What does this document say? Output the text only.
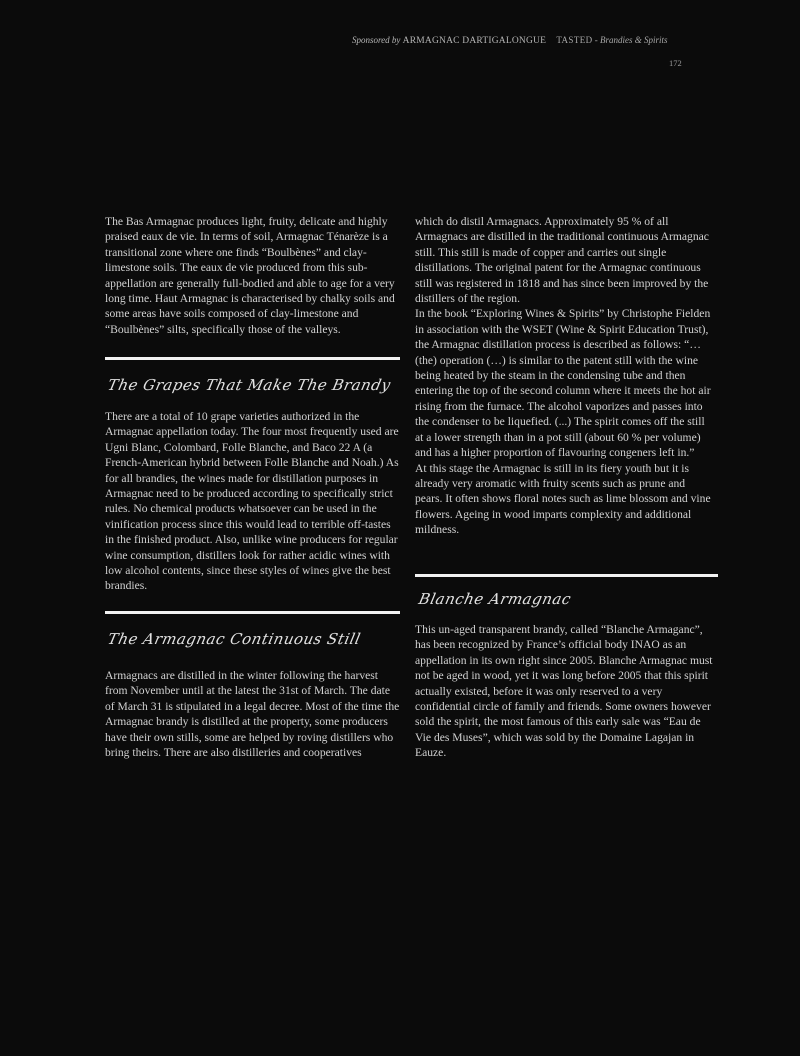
Sponsored by ARMAGNAC DARTIGALONGUE TASTED - Brandies & Spirits
172

The Bas Armagnac produces light, fruity, delicate and highly praised eaux de vie. In terms of soil, Armagnac Ténarèze is a transitional zone where one finds “Boulbènes” and clay-limestone soils. The eaux de vie produced from this sub-appellation are generally full-bodied and able to age for a very long time. Haut Armagnac is characterised by chalky soils and some areas have soils composed of clay-limestone and “Boulbènes” silts, specifically those of the valleys.

The Grapes That Make The Brandy

There are a total of 10 grape varieties authorized in the Armagnac appellation today. The four most frequently used are Ugni Blanc, Colombard, Folle Blanche, and Baco 22 A (a French-American hybrid between Folle Blanche and Noah.) As for all brandies, the wines made for distillation purposes in Armagnac need to be produced according to specifically strict rules. No chemical products whatsoever can be used in the vinification process since this would lead to terrible off-tastes in the finished product. Also, unlike wine producers for regular wine consumption, distillers look for rather acidic wines with low alcohol contents, since these styles of wines give the best brandies.

The Armagnac Continuous Still

Armagnacs are distilled in the winter following the harvest from November until at the latest the 31st of March. The date of March 31 is stipulated in a legal decree. Most of the time the Armagnac brandy is distilled at the property, some producers have their own stills, some are helped by roving distillers who bring theirs. There are also distilleries and cooperatives

which do distil Armagnacs. Approximately 95 % of all Armagnacs are distilled in the traditional continuous Armagnac still. This still is made of copper and carries out single distillations. The original patent for the Armagnac continuous still was registered in 1818 and has since been improved by the distillers of the region.

In the book “Exploring Wines & Spirits” by Christophe Fielden in association with the WSET (Wine & Spirit Education Trust), the Armagnac distillation process is described as follows: “… (the) operation (…) is similar to the patent still with the wine being heated by the steam in the condensing tube and then entering the top of the second column where it meets the hot air rising from the furnace. The alcohol vaporizes and passes into the condenser to be liquefied. (...) The spirit comes off the still at a lower strength than in a pot still (about 60 % per volume) and has a higher proportion of flavouring congeners left in.”

At this stage the Armagnac is still in its fiery youth but it is already very aromatic with fruity scents such as prune and pears. It often shows floral notes such as lime blossom and vine flowers. Ageing in wood imparts complexity and additional mildness.

Blanche Armagnac

This un-aged transparent brandy, called “Blanche Armaganc”, has been recognized by France’s official body INAO as an appellation in its own right since 2005. Blanche Armagnac must not be aged in wood, yet it was long before 2005 that this spirit actually existed, before it was only reserved to a very confidential circle of family and friends. Some owners however sold the spirit, the most famous of this early sale was “Eau de Vie des Muses”, which was sold by the Domaine Lagajan in Eauze.
